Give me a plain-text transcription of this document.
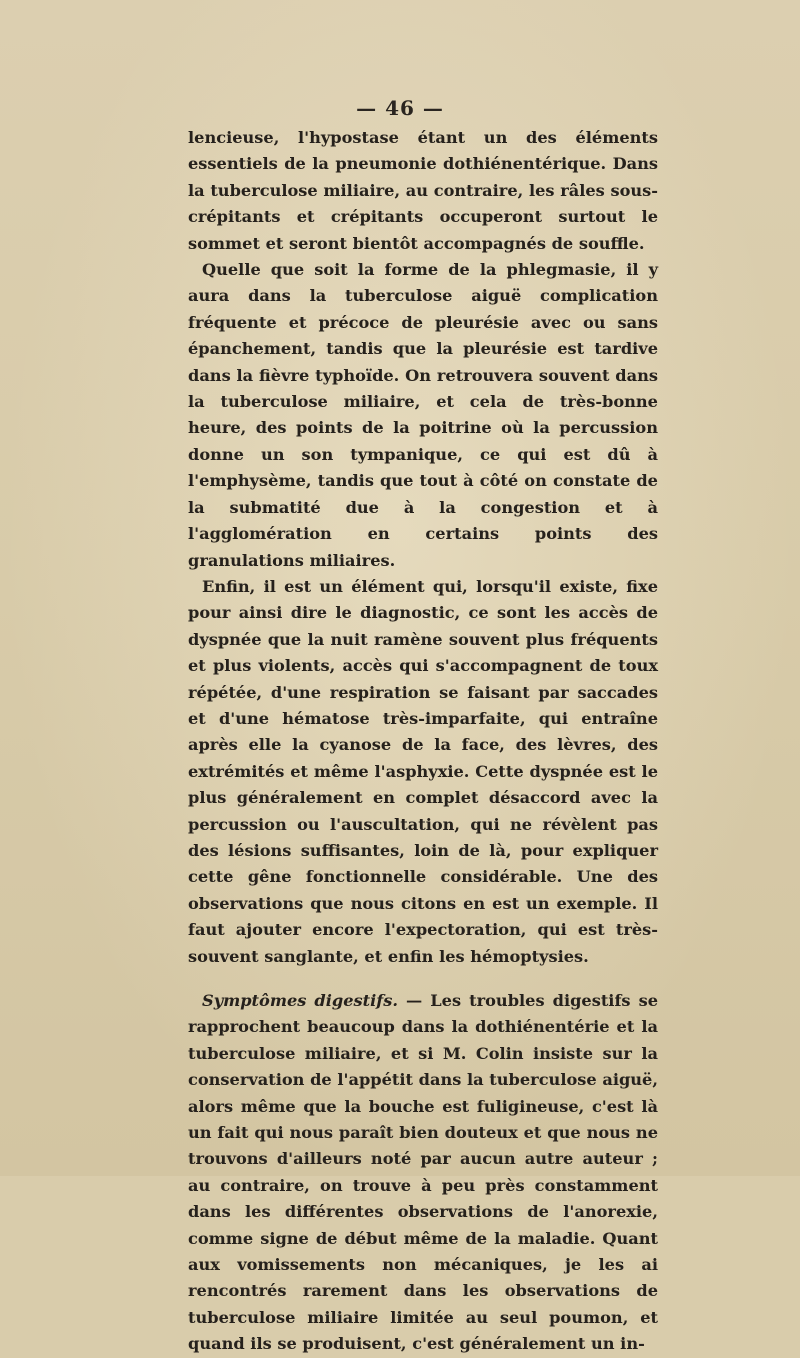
— 46 —

lencieuse, l'hypostase étant un des éléments essentiels de la pneumonie dothiénentérique. Dans la tuberculose miliaire, au contraire, les râles sous-crépitants et crépitants occuperont surtout le sommet et seront bientôt accompagnés de souffle.

Quelle que soit la forme de la phlegmasie, il y aura dans la tuberculose aiguë complication fréquente et précoce de pleurésie avec ou sans épanchement, tandis que la pleurésie est tardive dans la fièvre typhoïde. On retrouvera souvent dans la tuberculose miliaire, et cela de très-bonne heure, des points de la poitrine où la percussion donne un son tympanique, ce qui est dû à l'emphysème, tandis que tout à côté on constate de la submatité due à la congestion et à l'agglomération en certains points des granulations miliaires.

Enfin, il est un élément qui, lorsqu'il existe, fixe pour ainsi dire le diagnostic, ce sont les accès de dyspnée que la nuit ramène souvent plus fréquents et plus violents, accès qui s'accompagnent de toux répétée, d'une respiration se faisant par saccades et d'une hématose très-imparfaite, qui entraîne après elle la cyanose de la face, des lèvres, des extrémités et même l'asphyxie. Cette dyspnée est le plus généralement en complet désaccord avec la percussion ou l'auscultation, qui ne révèlent pas des lésions suffisantes, loin de là, pour expliquer cette gêne fonctionnelle considérable. Une des observations que nous citons en est un exemple. Il faut ajouter encore l'expectoration, qui est très-souvent sanglante, et enfin les hémoptysies.

Symptômes digestifs. — Les troubles digestifs se rapprochent beaucoup dans la dothiénentérie et la tuberculose miliaire, et si M. Colin insiste sur la conservation de l'appétit dans la tuberculose aiguë, alors même que la bouche est fuligineuse, c'est là un fait qui nous paraît bien douteux et que nous ne trouvons d'ailleurs noté par aucun autre auteur ; au contraire, on trouve à peu près constamment dans les différentes observations de l'anorexie, comme signe de début même de la maladie. Quant aux vomissements non mécaniques, je les ai rencontrés rarement dans les observations de tuberculose miliaire limitée au seul poumon, et quand ils se produisent, c'est généralement un in-
